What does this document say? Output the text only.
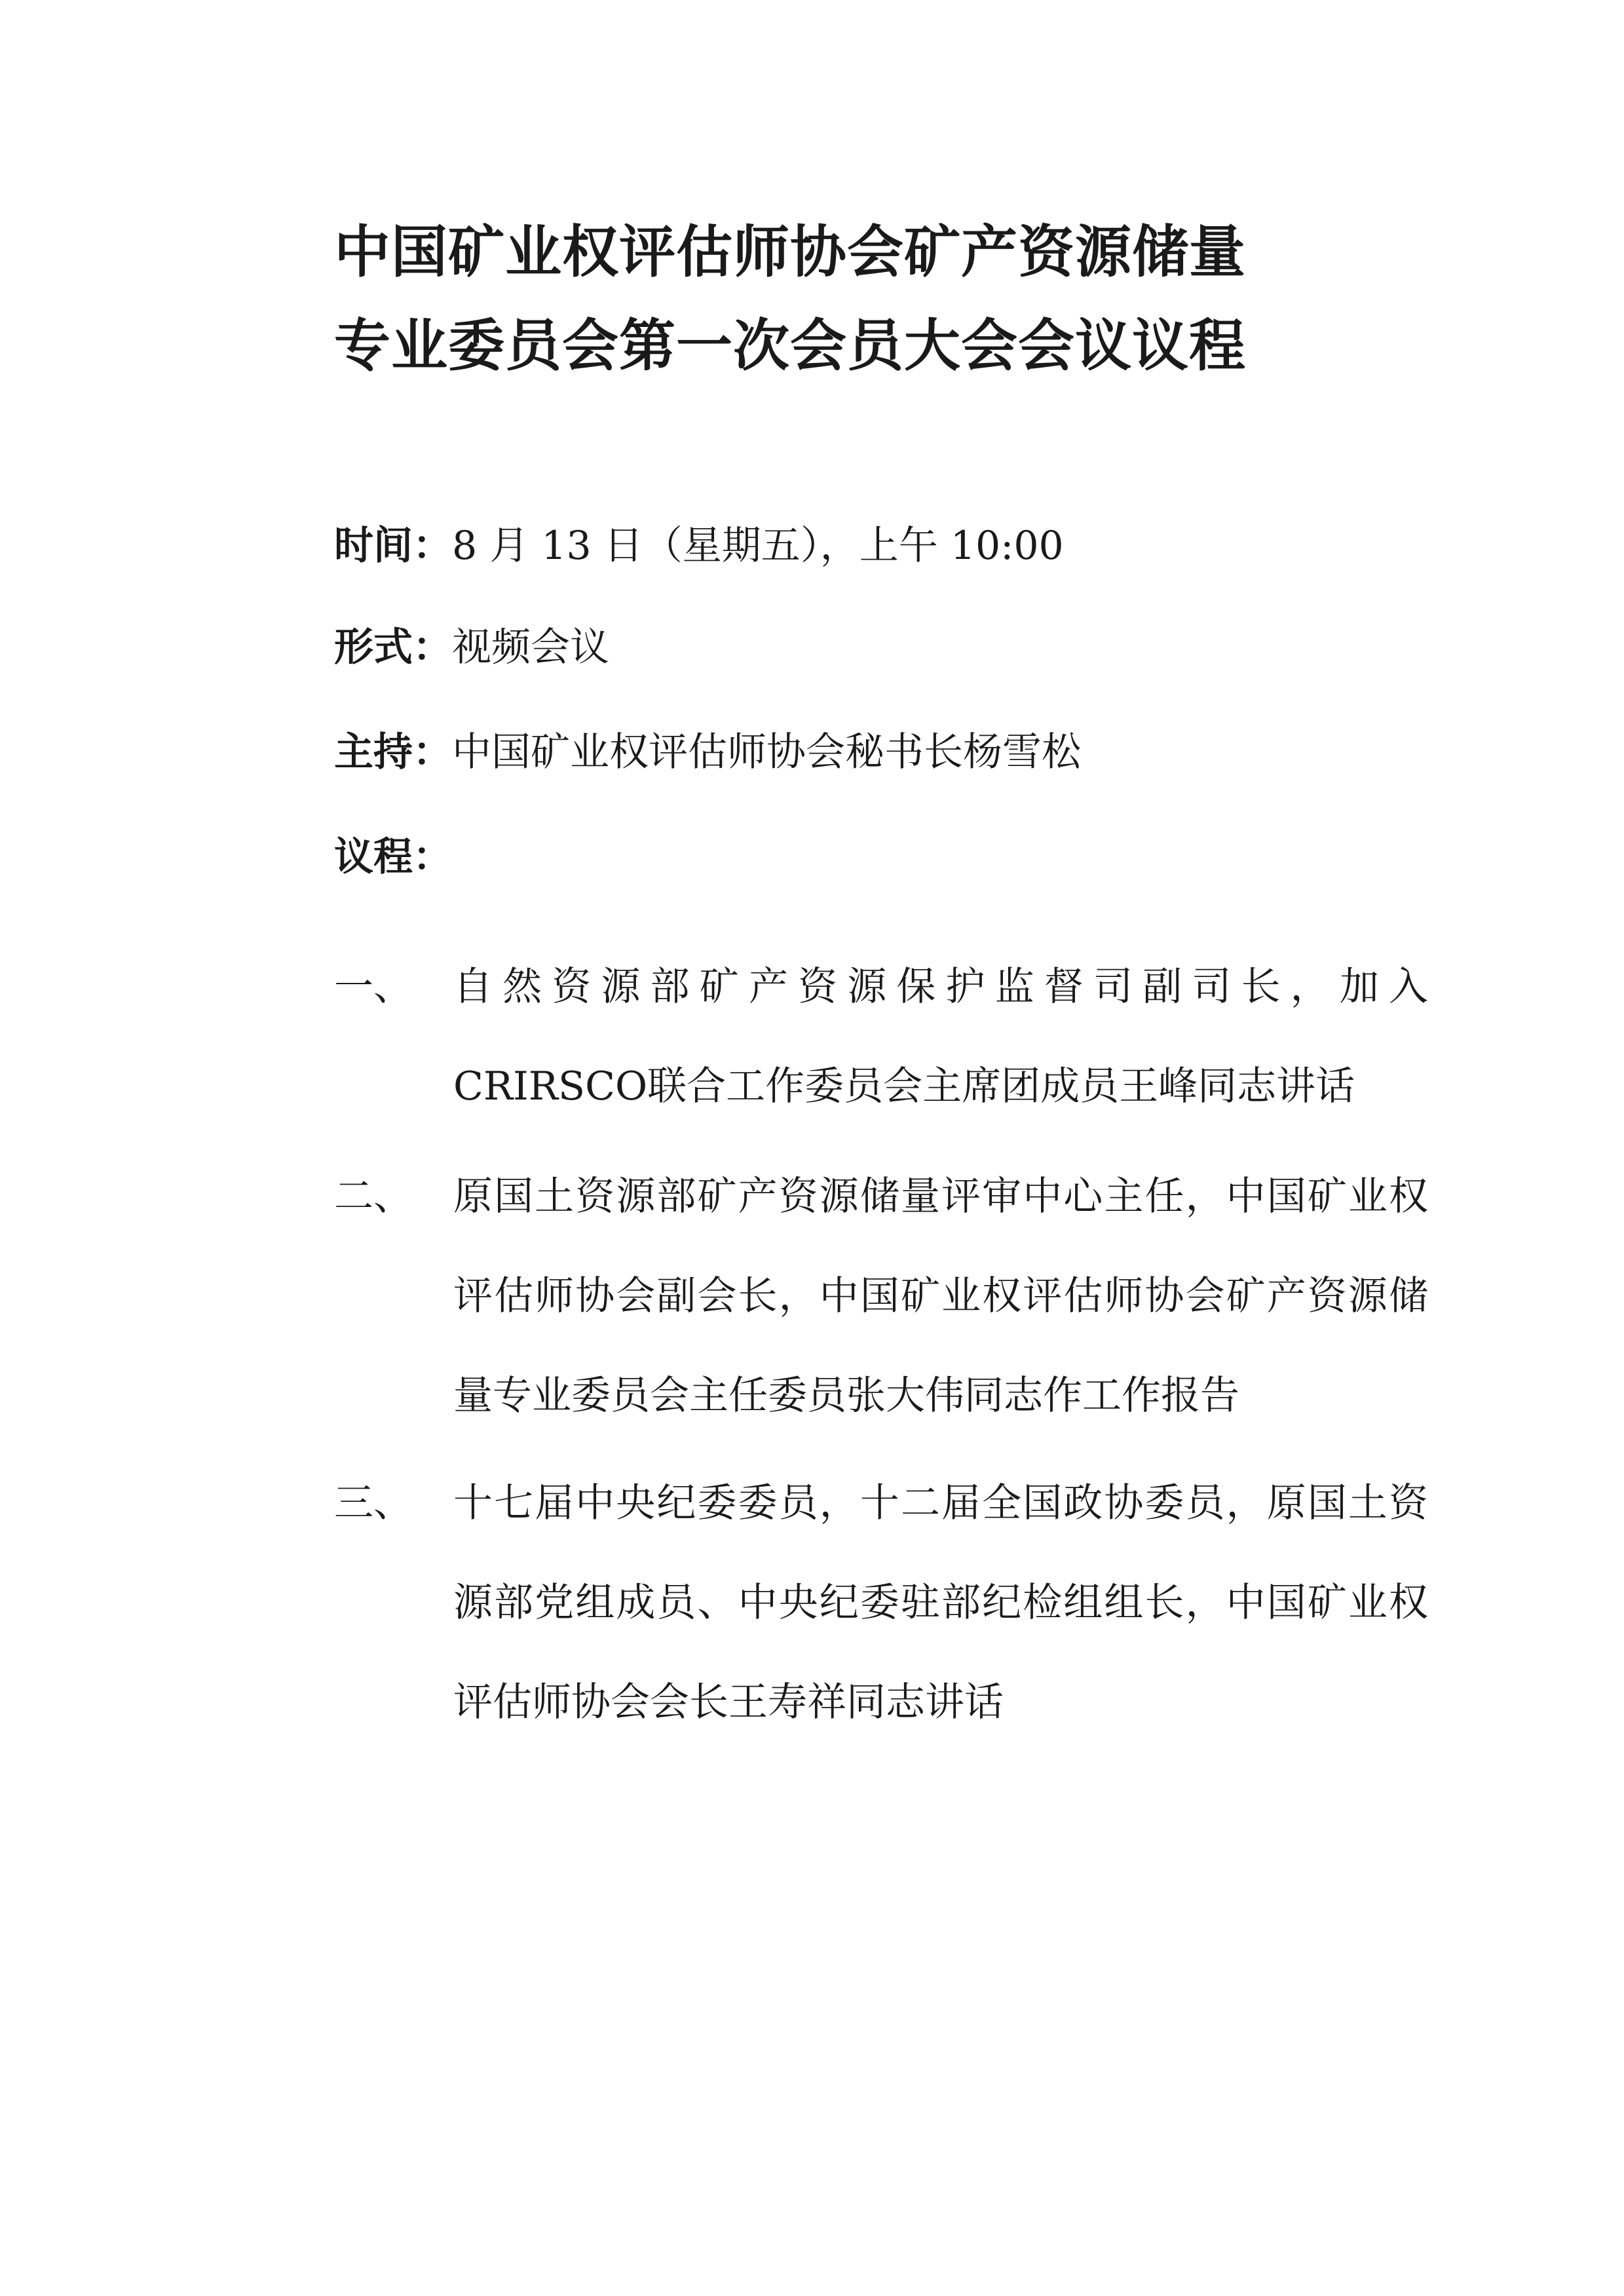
中国矿业权评估师协会矿产资源储量
专业委员会第一次会员大会会议议程
时间：8 月 13 日（星期五），上午 10:00
形式：视频会议
主持：中国矿业权评估师协会秘书长杨雪松
议程：
一、 自然资源部矿产资源保护监督司副司长，加入CRIRSCO联合工作委员会主席团成员王峰同志讲话
二、 原国土资源部矿产资源储量评审中心主任，中国矿业权评估师协会副会长，中国矿业权评估师协会矿产资源储量专业委员会主任委员张大伟同志作工作报告
三、 十七届中央纪委委员，十二届全国政协委员，原国土资源部党组成员、中央纪委驻部纪检组组长，中国矿业权评估师协会会长王寿祥同志讲话
